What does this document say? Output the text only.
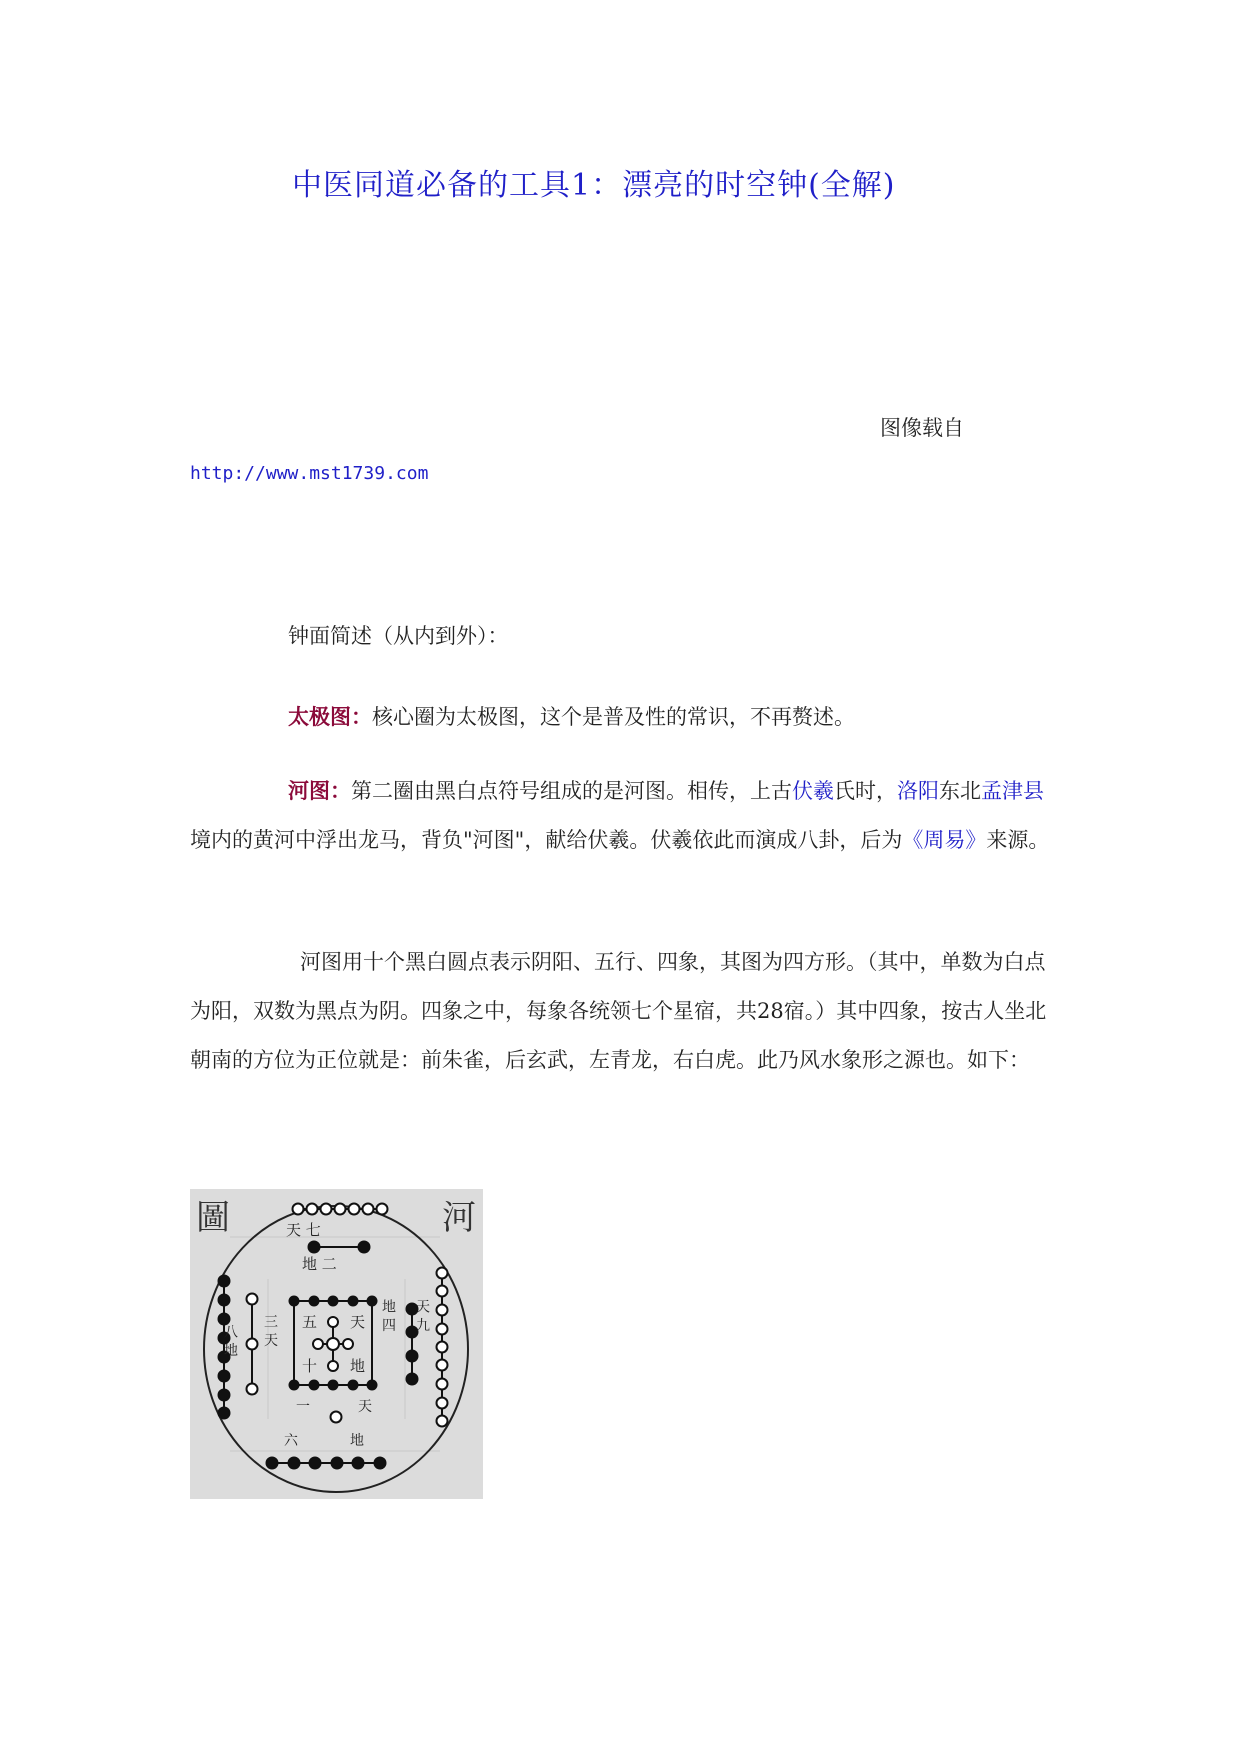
中医同道必备的工具1：漂亮的时空钟(全解)
图像载自
http://www.mst1739.com
钟面简述（从内到外）：
太极图：核心圈为太极图，这个是普及性的常识，不再赘述。
河图：第二圈由黑白点符号组成的是河图。相传，上古伏羲氏时，洛阳东北孟津县境内的黄河中浮出龙马，背负"河图"，献给伏羲。伏羲依此而演成八卦，后为《周易》来源。
河图用十个黑白圆点表示阴阳、五行、四象，其图为四方形。（其中，单数为白点为阳，双数为黑点为阴。四象之中，每象各统领七个星宿，共28宿。）其中四象，按古人坐北朝南的方位为正位就是：前朱雀，后玄武，左青龙，右白虎。此乃风水象形之源也。如下：
圖	河
天 七
地 二
八 地 三 天	天 九
地 四
五 天
十 地
一	天
六	地
